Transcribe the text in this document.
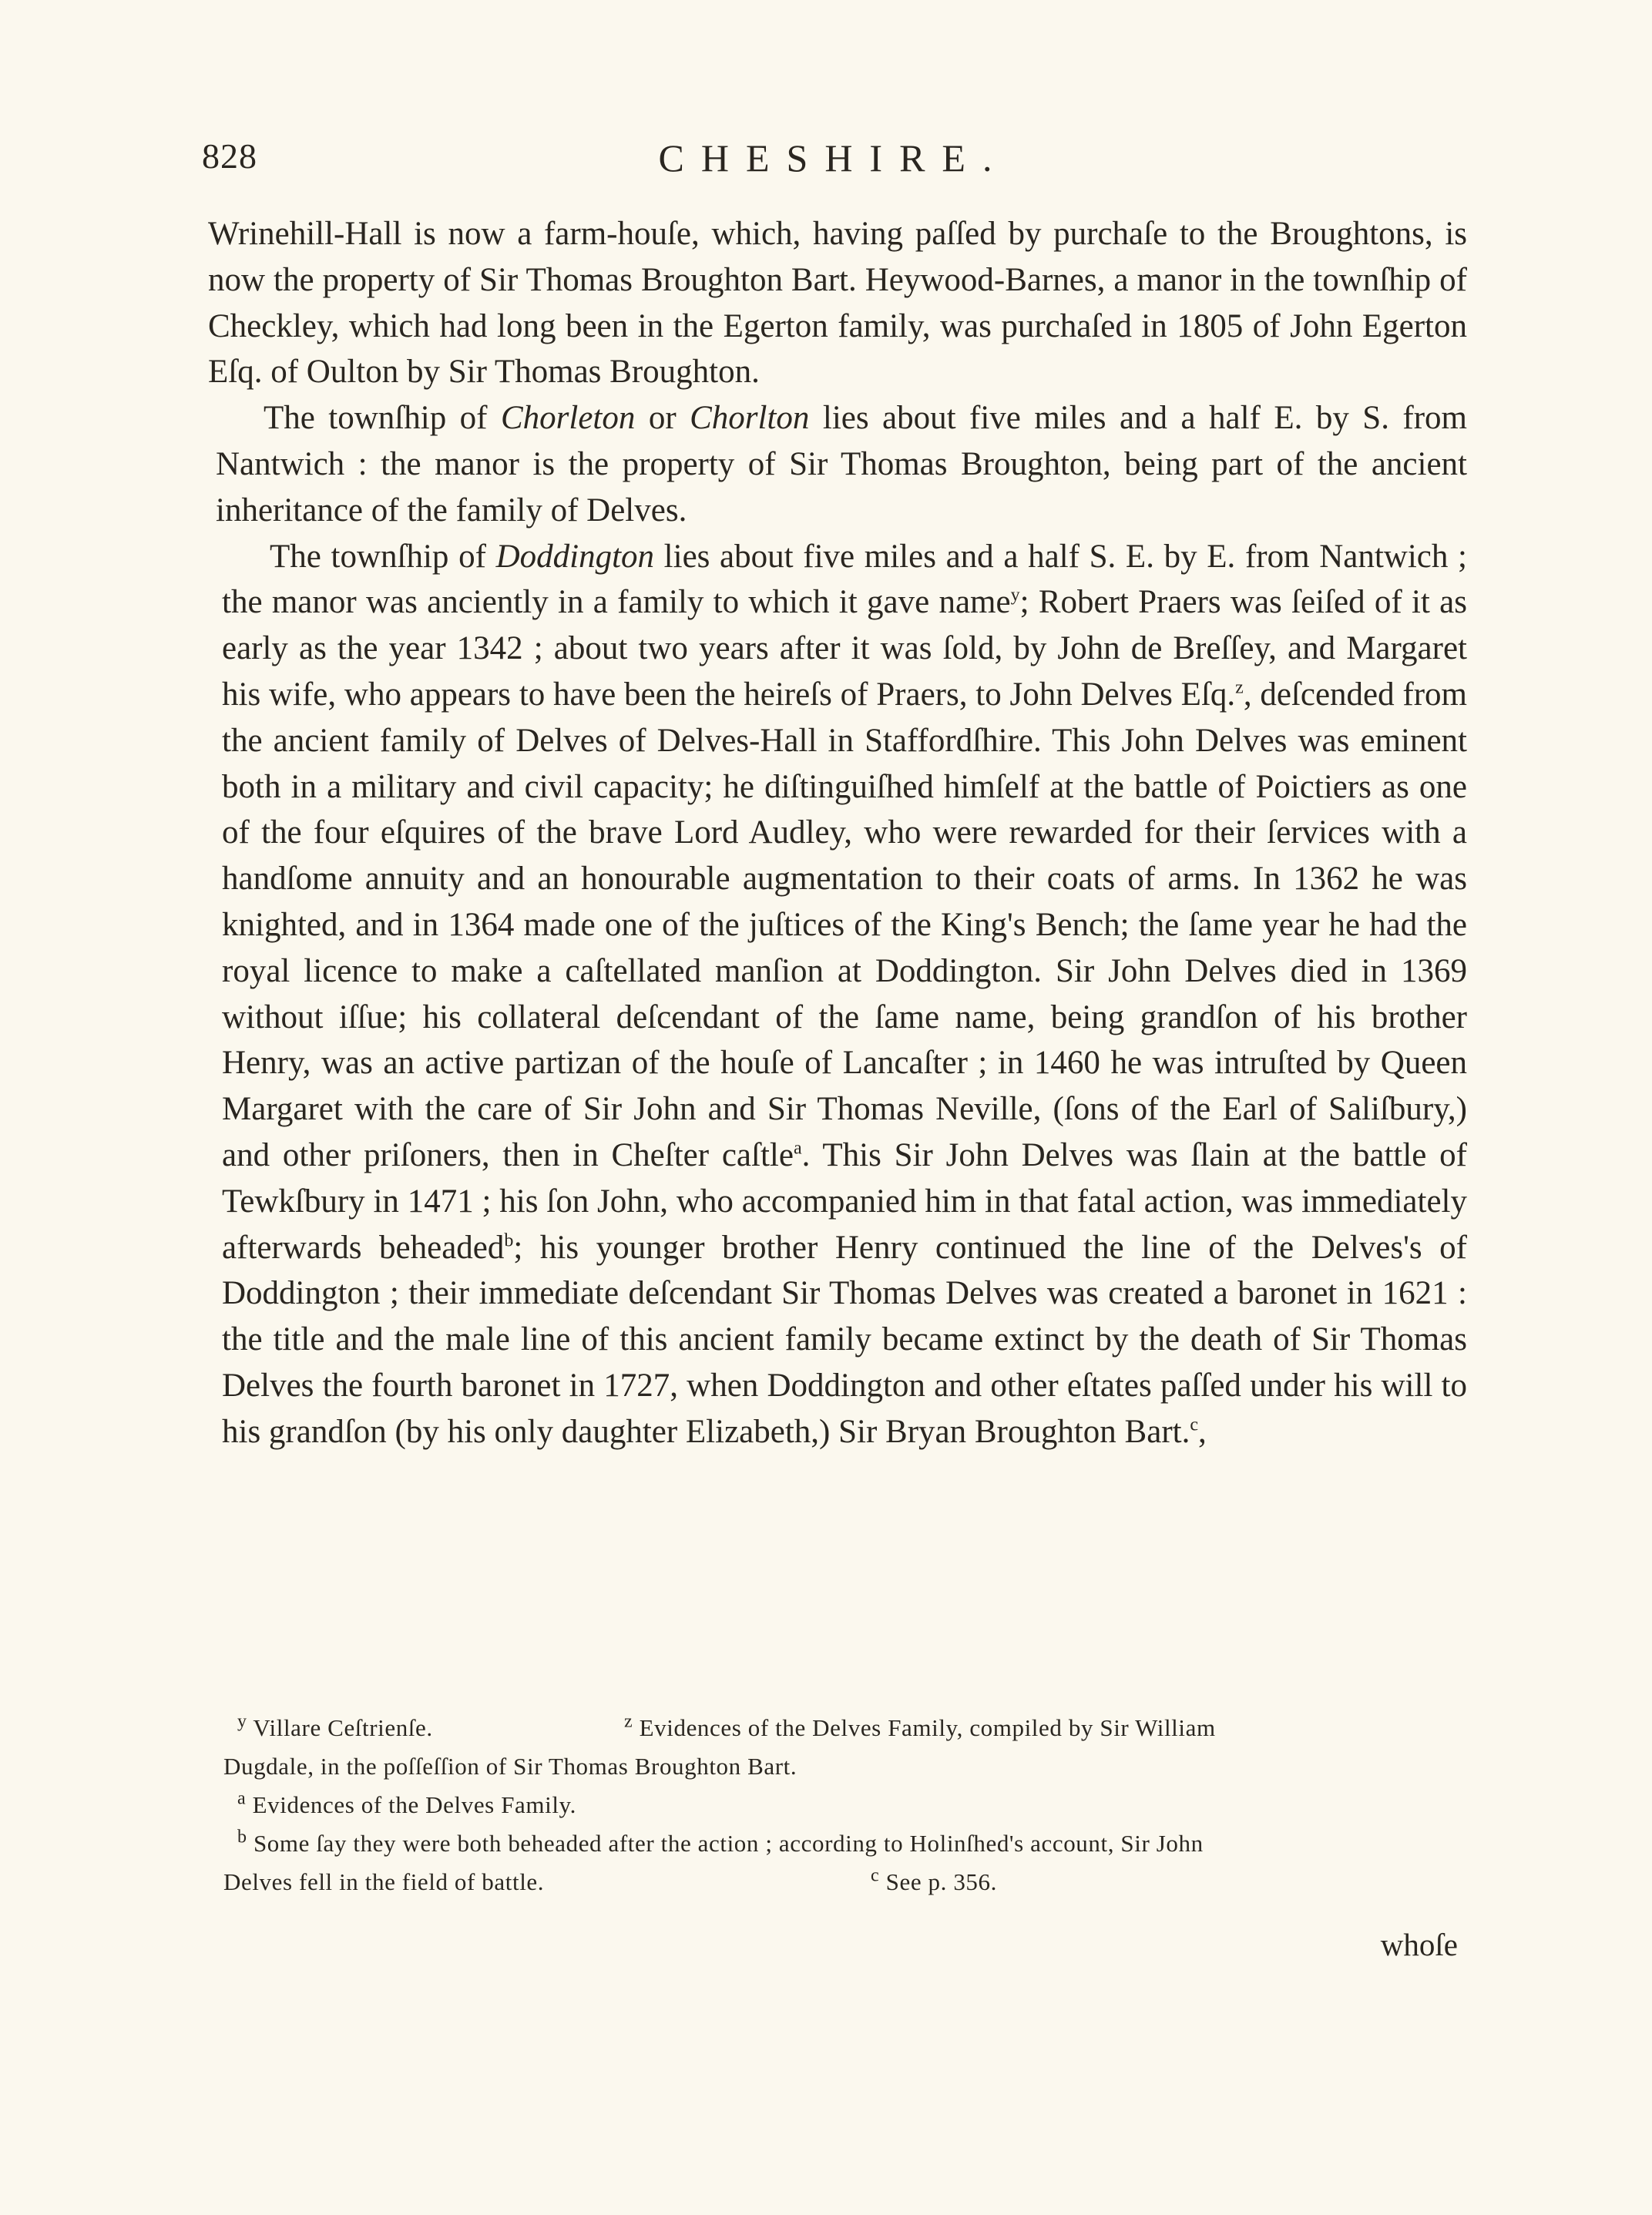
828	CHESHIRE.

Wrinehill-Hall is now a farm-houſe, which, having paſſed by purchaſe to the Broughtons, is now the property of Sir Thomas Broughton Bart. Heywood-Barnes, a manor in the townſhip of Checkley, which had long been in the Egerton family, was purchaſed in 1805 of John Egerton Eſq. of Oulton by Sir Thomas Broughton.

The townſhip of Chorleton or Chorlton lies about five miles and a half E. by S. from Nantwich : the manor is the property of Sir Thomas Broughton, being part of the ancient inheritance of the family of Delves.

The townſhip of Doddington lies about five miles and a half S. E. by E. from Nantwich ; the manor was anciently in a family to which it gave name$^y$; Robert Praers was ſeiſed of it as early as the year 1342 ; about two years after it was ſold, by John de Breſſey, and Margaret his wife, who appears to have been the heireſs of Praers, to John Delves Eſq.$^z$, deſcended from the ancient family of Delves of Delves-Hall in Staffordſhire. This John Delves was eminent both in a military and civil capacity; he diſtinguiſhed himſelf at the battle of Poictiers as one of the four eſquires of the brave Lord Audley, who were rewarded for their ſervices with a handſome annuity and an honourable augmentation to their coats of arms. In 1362 he was knighted, and in 1364 made one of the juſtices of the King's Bench; the ſame year he had the royal licence to make a caſtellated manſion at Doddington. Sir John Delves died in 1369 without iſſue; his collateral deſcendant of the ſame name, being grandſon of his brother Henry, was an active partizan of the houſe of Lancaſter ; in 1460 he was intruſted by Queen Margaret with the care of Sir John and Sir Thomas Neville, (ſons of the Earl of Saliſbury,) and other priſoners, then in Cheſter caſtle$^a$. This Sir John Delves was ſlain at the battle of Tewkſbury in 1471 ; his ſon John, who accompanied him in that fatal action, was immediately afterwards beheaded$^b$; his younger brother Henry continued the line of the Delves's of Doddington ; their immediate deſcendant Sir Thomas Delves was created a baronet in 1621 : the title and the male line of this ancient family became extinct by the death of Sir Thomas Delves the fourth baronet in 1727, when Doddington and other eſtates paſſed under his will to his grandſon (by his only daughter Elizabeth,) Sir Bryan Broughton Bart.$^c$,

$^y$ Villare Ceſtrienſe.	$^z$ Evidences of the Delves Family, compiled by Sir William
Dugdale, in the poſſeſſion of Sir Thomas Broughton Bart.
$^a$ Evidences of the Delves Family.
$^b$ Some ſay they were both beheaded after the action ; according to Holinſhed's account, Sir John
Delves fell in the field of battle.	$^c$ See p. 356.
whoſe
